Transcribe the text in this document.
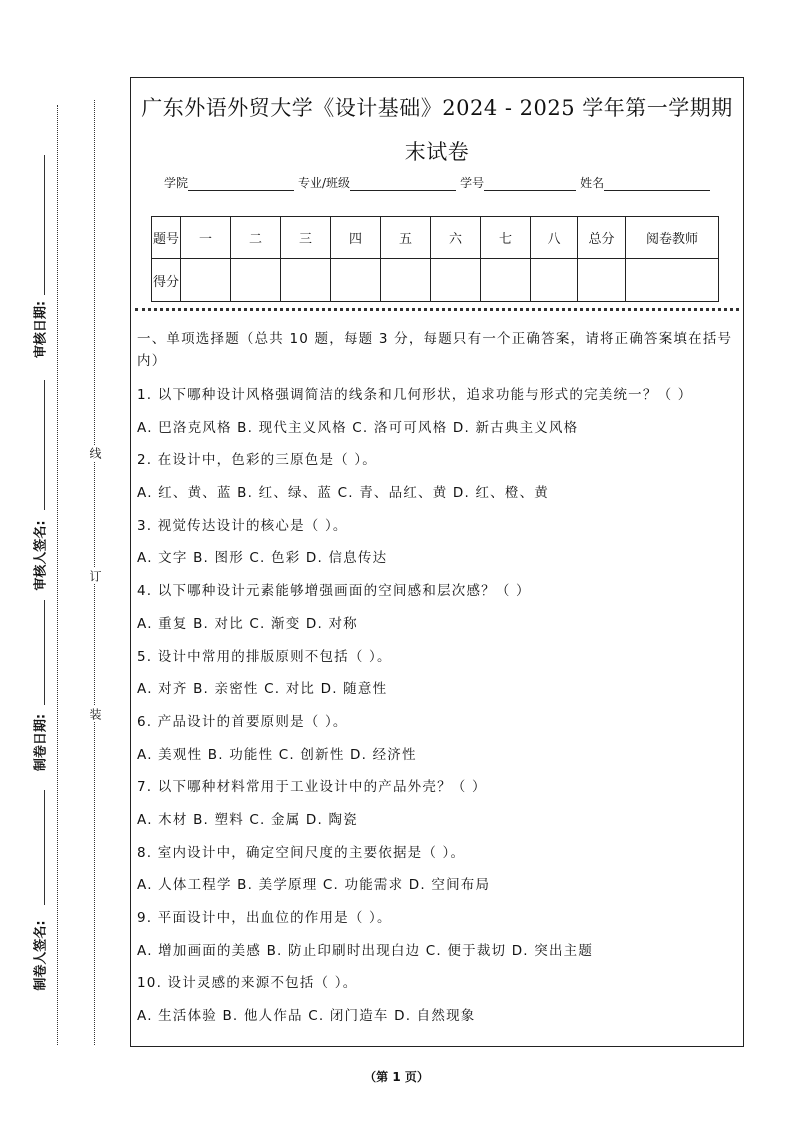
审核日期:
审核人签名:
制卷日期:
制卷人签名:
线
订
装
广东外语外贸大学《设计基础》2024 - 2025 学年第一学期期末试卷
学院	专业/班级	学号	姓名
题号	一	二	三	四	五	六	七	八	总分	阅卷教师
得分										
一、单项选择题（总共 10 题，每题 3 分，每题只有一个正确答案，请将正确答案填在括号内）
1. 以下哪种设计风格强调简洁的线条和几何形状，追求功能与形式的完美统一？（ ）
A. 巴洛克风格 B. 现代主义风格 C. 洛可可风格 D. 新古典主义风格
2. 在设计中，色彩的三原色是（ ）。
A. 红、黄、蓝 B. 红、绿、蓝 C. 青、品红、黄 D. 红、橙、黄
3. 视觉传达设计的核心是（ ）。
A. 文字 B. 图形 C. 色彩 D. 信息传达
4. 以下哪种设计元素能够增强画面的空间感和层次感？（ ）
A. 重复 B. 对比 C. 渐变 D. 对称
5. 设计中常用的排版原则不包括（ ）。
A. 对齐 B. 亲密性 C. 对比 D. 随意性
6. 产品设计的首要原则是（ ）。
A. 美观性 B. 功能性 C. 创新性 D. 经济性
7. 以下哪种材料常用于工业设计中的产品外壳？（ ）
A. 木材 B. 塑料 C. 金属 D. 陶瓷
8. 室内设计中，确定空间尺度的主要依据是（ ）。
A. 人体工程学 B. 美学原理 C. 功能需求 D. 空间布局
9. 平面设计中，出血位的作用是（ ）。
A. 增加画面的美感 B. 防止印刷时出现白边 C. 便于裁切 D. 突出主题
10. 设计灵感的来源不包括（ ）。
A. 生活体验 B. 他人作品 C. 闭门造车 D. 自然现象
（第 1 页）
